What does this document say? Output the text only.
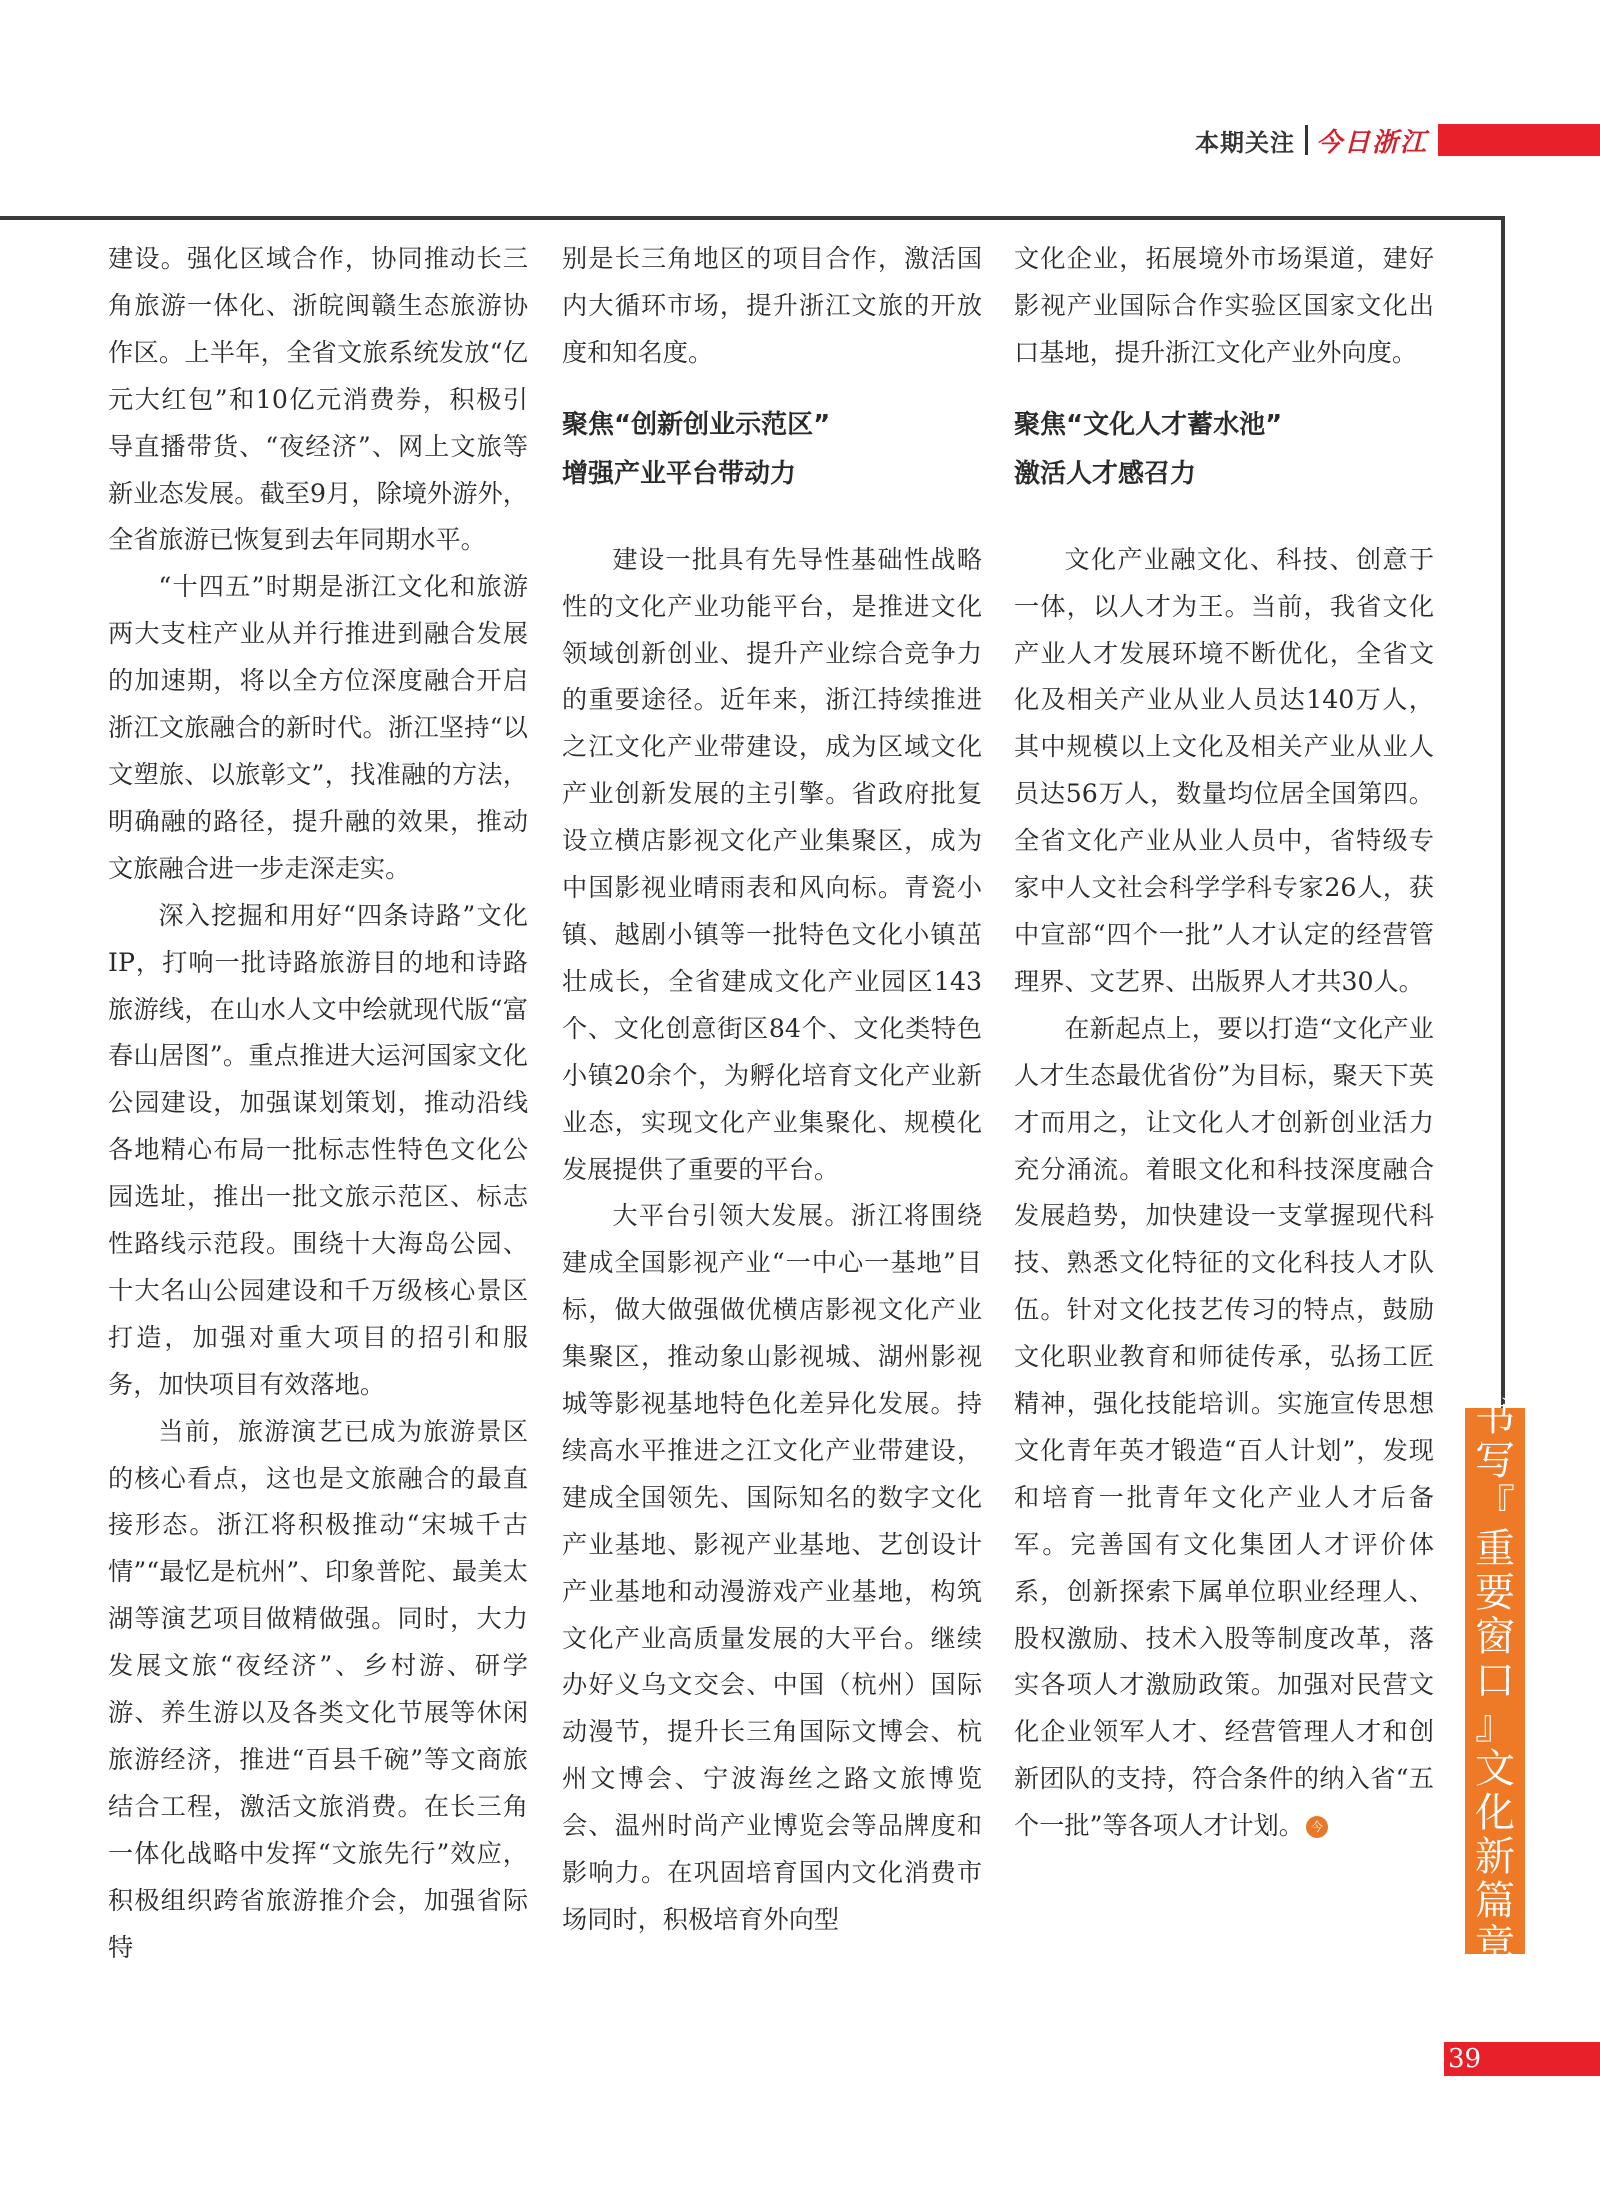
本期关注 今日浙江

建设。强化区域合作，协同推动长三角旅游一体化、浙皖闽赣生态旅游协作区。上半年，全省文旅系统发放“亿元大红包”和10亿元消费券，积极引导直播带货、“夜经济”、网上文旅等新业态发展。截至9月，除境外游外，全省旅游已恢复到去年同期水平。

“十四五”时期是浙江文化和旅游两大支柱产业从并行推进到融合发展的加速期，将以全方位深度融合开启浙江文旅融合的新时代。浙江坚持“以文塑旅、以旅彰文”，找准融的方法，明确融的路径，提升融的效果，推动文旅融合进一步走深走实。

深入挖掘和用好“四条诗路”文化IP，打响一批诗路旅游目的地和诗路旅游线，在山水人文中绘就现代版“富春山居图”。重点推进大运河国家文化公园建设，加强谋划策划，推动沿线各地精心布局一批标志性特色文化公园选址，推出一批文旅示范区、标志性路线示范段。围绕十大海岛公园、十大名山公园建设和千万级核心景区打造，加强对重大项目的招引和服务，加快项目有效落地。

当前，旅游演艺已成为旅游景区的核心看点，这也是文旅融合的最直接形态。浙江将积极推动“宋城千古情”“最忆是杭州”、印象普陀、最美太湖等演艺项目做精做强。同时，大力发展文旅“夜经济”、乡村游、研学游、养生游以及各类文化节展等休闲旅游经济，推进“百县千碗”等文商旅结合工程，激活文旅消费。在长三角一体化战略中发挥“文旅先行”效应，积极组织跨省旅游推介会，加强省际特

别是长三角地区的项目合作，激活国内大循环市场，提升浙江文旅的开放度和知名度。

聚焦“创新创业示范区”
增强产业平台带动力

建设一批具有先导性基础性战略性的文化产业功能平台，是推进文化领域创新创业、提升产业综合竞争力的重要途径。近年来，浙江持续推进之江文化产业带建设，成为区域文化产业创新发展的主引擎。省政府批复设立横店影视文化产业集聚区，成为中国影视业晴雨表和风向标。青瓷小镇、越剧小镇等一批特色文化小镇茁壮成长，全省建成文化产业园区143个、文化创意街区84个、文化类特色小镇20余个，为孵化培育文化产业新业态，实现文化产业集聚化、规模化发展提供了重要的平台。

大平台引领大发展。浙江将围绕建成全国影视产业“一中心一基地”目标，做大做强做优横店影视文化产业集聚区，推动象山影视城、湖州影视城等影视基地特色化差异化发展。持续高水平推进之江文化产业带建设，建成全国领先、国际知名的数字文化产业基地、影视产业基地、艺创设计产业基地和动漫游戏产业基地，构筑文化产业高质量发展的大平台。继续办好义乌文交会、中国（杭州）国际动漫节，提升长三角国际文博会、杭州文博会、宁波海丝之路文旅博览会、温州时尚产业博览会等品牌度和影响力。在巩固培育国内文化消费市场同时，积极培育外向型

文化企业，拓展境外市场渠道，建好影视产业国际合作实验区国家文化出口基地，提升浙江文化产业外向度。

聚焦“文化人才蓄水池”
激活人才感召力

文化产业融文化、科技、创意于一体，以人才为王。当前，我省文化产业人才发展环境不断优化，全省文化及相关产业从业人员达140万人，其中规模以上文化及相关产业从业人员达56万人，数量均位居全国第四。全省文化产业从业人员中，省特级专家中人文社会科学学科专家26人，获中宣部“四个一批”人才认定的经营管理界、文艺界、出版界人才共30人。

在新起点上，要以打造“文化产业人才生态最优省份”为目标，聚天下英才而用之，让文化人才创新创业活力充分涌流。着眼文化和科技深度融合发展趋势，加快建设一支掌握现代科技、熟悉文化特征的文化科技人才队伍。针对文化技艺传习的特点，鼓励文化职业教育和师徒传承，弘扬工匠精神，强化技能培训。实施宣传思想文化青年英才锻造“百人计划”，发现和培育一批青年文化产业人才后备军。完善国有文化集团人才评价体系，创新探索下属单位职业经理人、股权激励、技术入股等制度改革，落实各项人才激励政策。加强对民营文化企业领军人才、经营管理人才和创新团队的支持，符合条件的纳入省“五个一批”等各项人才计划。 今

书
写
『
重
要
窗
口
』
文
化
新
篇
章
39
